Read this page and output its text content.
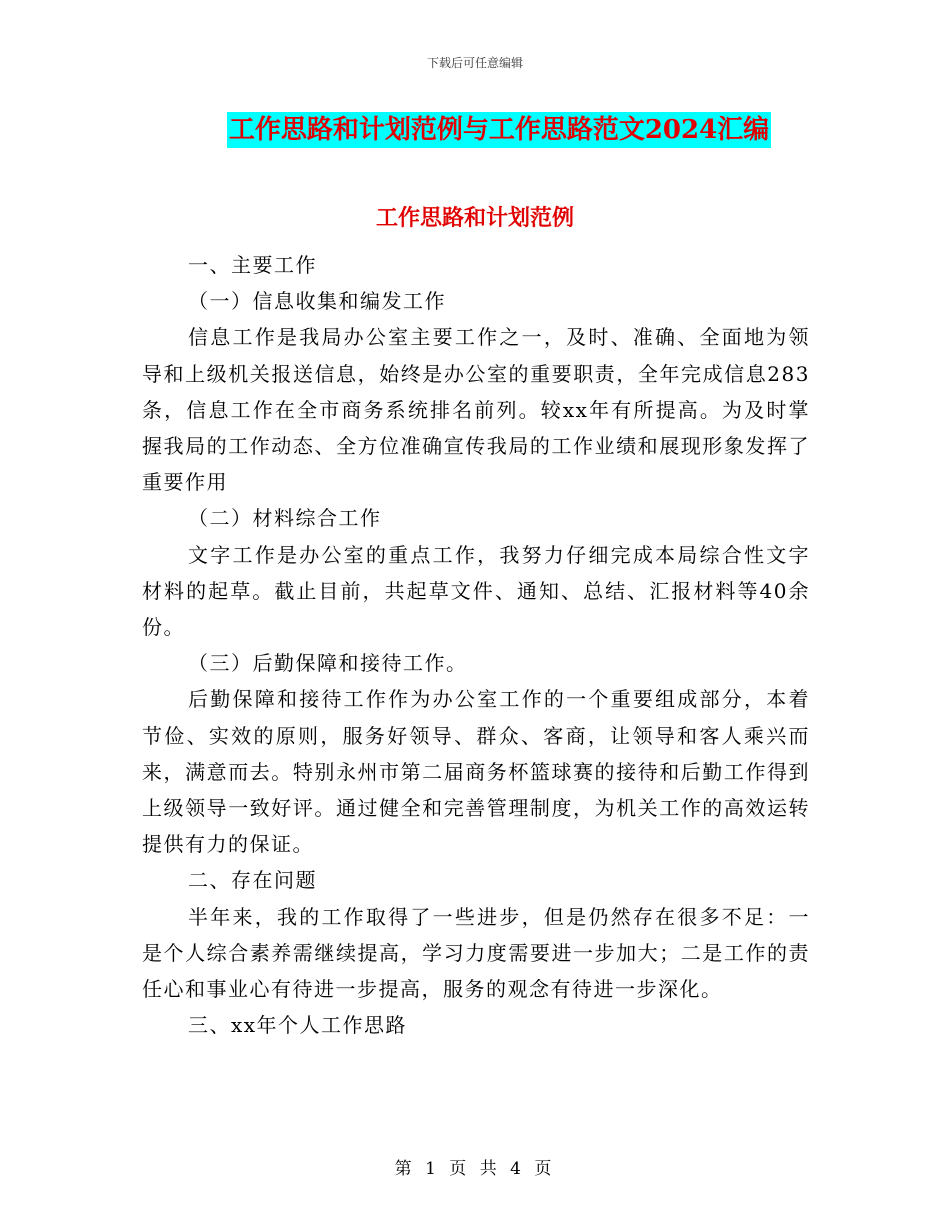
下载后可任意编辑
工作思路和计划范例与工作思路范文2024汇编
工作思路和计划范例

一、主要工作

（一）信息收集和编发工作

信息工作是我局办公室主要工作之一，及时、准确、全面地为领导和上级机关报送信息，始终是办公室的重要职责，全年完成信息283条，信息工作在全市商务系统排名前列。较xx年有所提高。为及时掌握我局的工作动态、全方位准确宣传我局的工作业绩和展现形象发挥了重要作用

（二）材料综合工作

文字工作是办公室的重点工作，我努力仔细完成本局综合性文字材料的起草。截止目前，共起草文件、通知、总结、汇报材料等40余份。

（三）后勤保障和接待工作。

后勤保障和接待工作作为办公室工作的一个重要组成部分，本着节俭、实效的原则，服务好领导、群众、客商，让领导和客人乘兴而来，满意而去。特别永州市第二届商务杯篮球赛的接待和后勤工作得到上级领导一致好评。通过健全和完善管理制度，为机关工作的高效运转提供有力的保证。

二、存在问题

半年来，我的工作取得了一些进步，但是仍然存在很多不足：一是个人综合素养需继续提高，学习力度需要进一步加大；二是工作的责任心和事业心有待进一步提高，服务的观念有待进一步深化。

三、xx年个人工作思路

第 1 页 共 4 页
